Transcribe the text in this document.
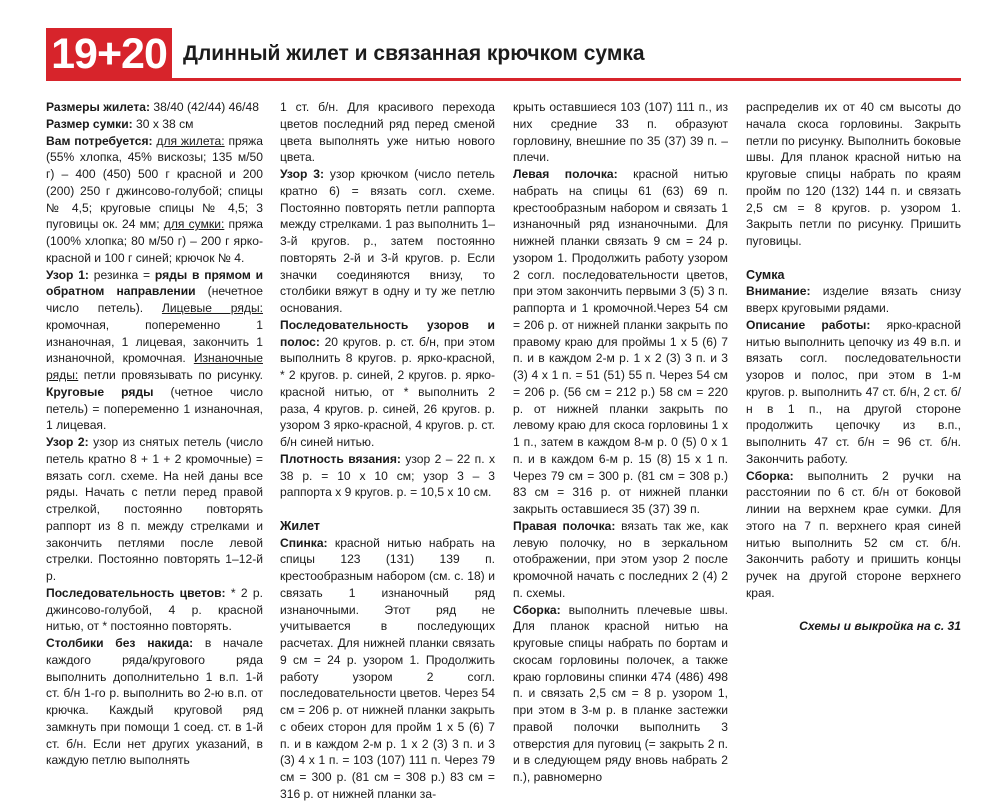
19+20 Длинный жилет и связанная крючком сумка

Размеры жилета: 38/40 (42/44) 46/48

Размер сумки: 30 х 38 см

Вам потребуется: для жилета: пряжа (55% хлопка, 45% вискозы; 135 м/50 г) – 400 (450) 500 г красной и 200 (200) 250 г джинсово-голубой; спицы № 4,5; круговые спицы № 4,5; 3 пуговицы ок. 24 мм; для сумки: пряжа (100% хлопка; 80 м/50 г) – 200 г ярко-красной и 100 г синей; крючок № 4.

Узор 1: резинка = ряды в прямом и обратном направлении (нечетное число петель). Лицевые ряды: кромочная, попеременно 1 изнаночная, 1 лицевая, закончить 1 изнаночной, кромочная. Изнаночные ряды: петли провязывать по рисунку. Круговые ряды (четное число петель) = попеременно 1 изнаночная, 1 лицевая.

Узор 2: узор из снятых петель (число петель кратно 8 + 1 + 2 кромочные) = вязать согл. схеме. На ней даны все ряды. Начать с петли перед правой стрелкой, постоянно повторять раппорт из 8 п. между стрелками и закончить петлями после левой стрелки. Постоянно повторять 1–12-й р.

Последовательность цветов: * 2 р. джинсово-голубой, 4 р. красной нитью, от * постоянно повторять.

Столбики без накида: в начале каждого ряда/кругового ряда выполнить дополнительно 1 в.п. 1-й ст. б/н 1-го р. выполнить во 2-ю в.п. от крючка. Каждый круговой ряд замкнуть при помощи 1 соед. ст. в 1-й ст. б/н. Если нет других указаний, в каждую петлю выполнять

1 ст. б/н. Для красивого перехода цветов последний ряд перед сменой цвета выполнять уже нитью нового цвета.

Узор 3: узор крючком (число петель кратно 6) = вязать согл. схеме. Постоянно повторять петли раппорта между стрелками. 1 раз выполнить 1–3-й кругов. р., затем постоянно повторять 2-й и 3-й кругов. р. Если значки соединяются внизу, то столбики вяжут в одну и ту же петлю основания.

Последовательность узоров и полос: 20 кругов. р. ст. б/н, при этом выполнить 8 кругов. р. ярко-красной, * 2 кругов. р. синей, 2 кругов. р. ярко-красной нитью, от * выполнить 2 раза, 4 кругов. р. синей, 26 кругов. р. узором 3 ярко-красной, 4 кругов. р. ст. б/н синей нитью.

Плотность вязания: узор 2 – 22 п. х 38 р. = 10 х 10 см; узор 3 – 3 раппорта х 9 кругов. р. = 10,5 х 10 см.

Жилет

Спинка: красной нитью набрать на спицы 123 (131) 139 п. крестообразным набором (см. с. 18) и связать 1 изнаночный ряд изнаночными. Этот ряд не учитывается в последующих расчетах. Для нижней планки связать 9 см = 24 р. узором 1. Продолжить работу узором 2 согл. последовательности цветов. Через 54 см = 206 р. от нижней планки закрыть с обеих сторон для пройм 1 х 5 (6) 7 п. и в каждом 2-м р. 1 х 2 (3) 3 п. и 3 (3) 4 х 1 п. = 103 (107) 111 п. Через 79 см = 300 р. (81 см = 308 р.) 83 см = 316 р. от нижней планки за-

крыть оставшиеся 103 (107) 111 п., из них средние 33 п. образуют горловину, внешние по 35 (37) 39 п. – плечи.

Левая полочка: красной нитью набрать на спицы 61 (63) 69 п. крестообразным набором и связать 1 изнаночный ряд изнаночными. Для нижней планки связать 9 см = 24 р. узором 1. Продолжить работу узором 2 согл. последовательности цветов, при этом закончить первыми 3 (5) 3 п. раппорта и 1 кромочной.Через 54 см = 206 р. от нижней планки закрыть по правому краю для проймы 1 х 5 (6) 7 п. и в каждом 2-м р. 1 х 2 (3) 3 п. и 3 (3) 4 х 1 п. = 51 (51) 55 п. Через 54 см = 206 р. (56 см = 212 р.) 58 см = 220 р. от нижней планки закрыть по левому краю для скоса горловины 1 х 1 п., затем в каждом 8-м р. 0 (5) 0 х 1 п. и в каждом 6-м р. 15 (8) 15 х 1 п. Через 79 см = 300 р. (81 см = 308 р.) 83 см = 316 р. от нижней планки закрыть оставшиеся 35 (37) 39 п.

Правая полочка: вязать так же, как левую полочку, но в зеркальном отображении, при этом узор 2 после кромочной начать с последних 2 (4) 2 п. схемы.

Сборка: выполнить плечевые швы. Для планок красной нитью на круговые спицы набрать по бортам и скосам горловины полочек, а также краю горловины спинки 474 (486) 498 п. и связать 2,5 см = 8 р. узором 1, при этом в 3-м р. в планке застежки правой полочки выполнить 3 отверстия для пуговиц (= закрыть 2 п. и в следующем ряду вновь набрать 2 п.), равномерно

распределив их от 40 см высоты до начала скоса горловины. Закрыть петли по рисунку. Выполнить боковые швы. Для планок красной нитью на круговые спицы набрать по краям пройм по 120 (132) 144 п. и связать 2,5 см = 8 кругов. р. узором 1. Закрыть петли по рисунку. Пришить пуговицы.

Сумка

Внимание: изделие вязать снизу вверх круговыми рядами.

Описание работы: ярко-красной нитью выполнить цепочку из 49 в.п. и вязать согл. последовательности узоров и полос, при этом в 1-м кругов. р. выполнить 47 ст. б/н, 2 ст. б/н в 1 п., на другой стороне продолжить цепочку из в.п., выполнить 47 ст. б/н = 96 ст. б/н. Закончить работу.

Сборка: выполнить 2 ручки на расстоянии по 6 ст. б/н от боковой линии на верхнем крае сумки. Для этого на 7 п. верхнего края синей нитью выполнить 52 см ст. б/н. Закончить работу и пришить концы ручек на другой стороне верхнего края.

Схемы и выкройка на с. 31
